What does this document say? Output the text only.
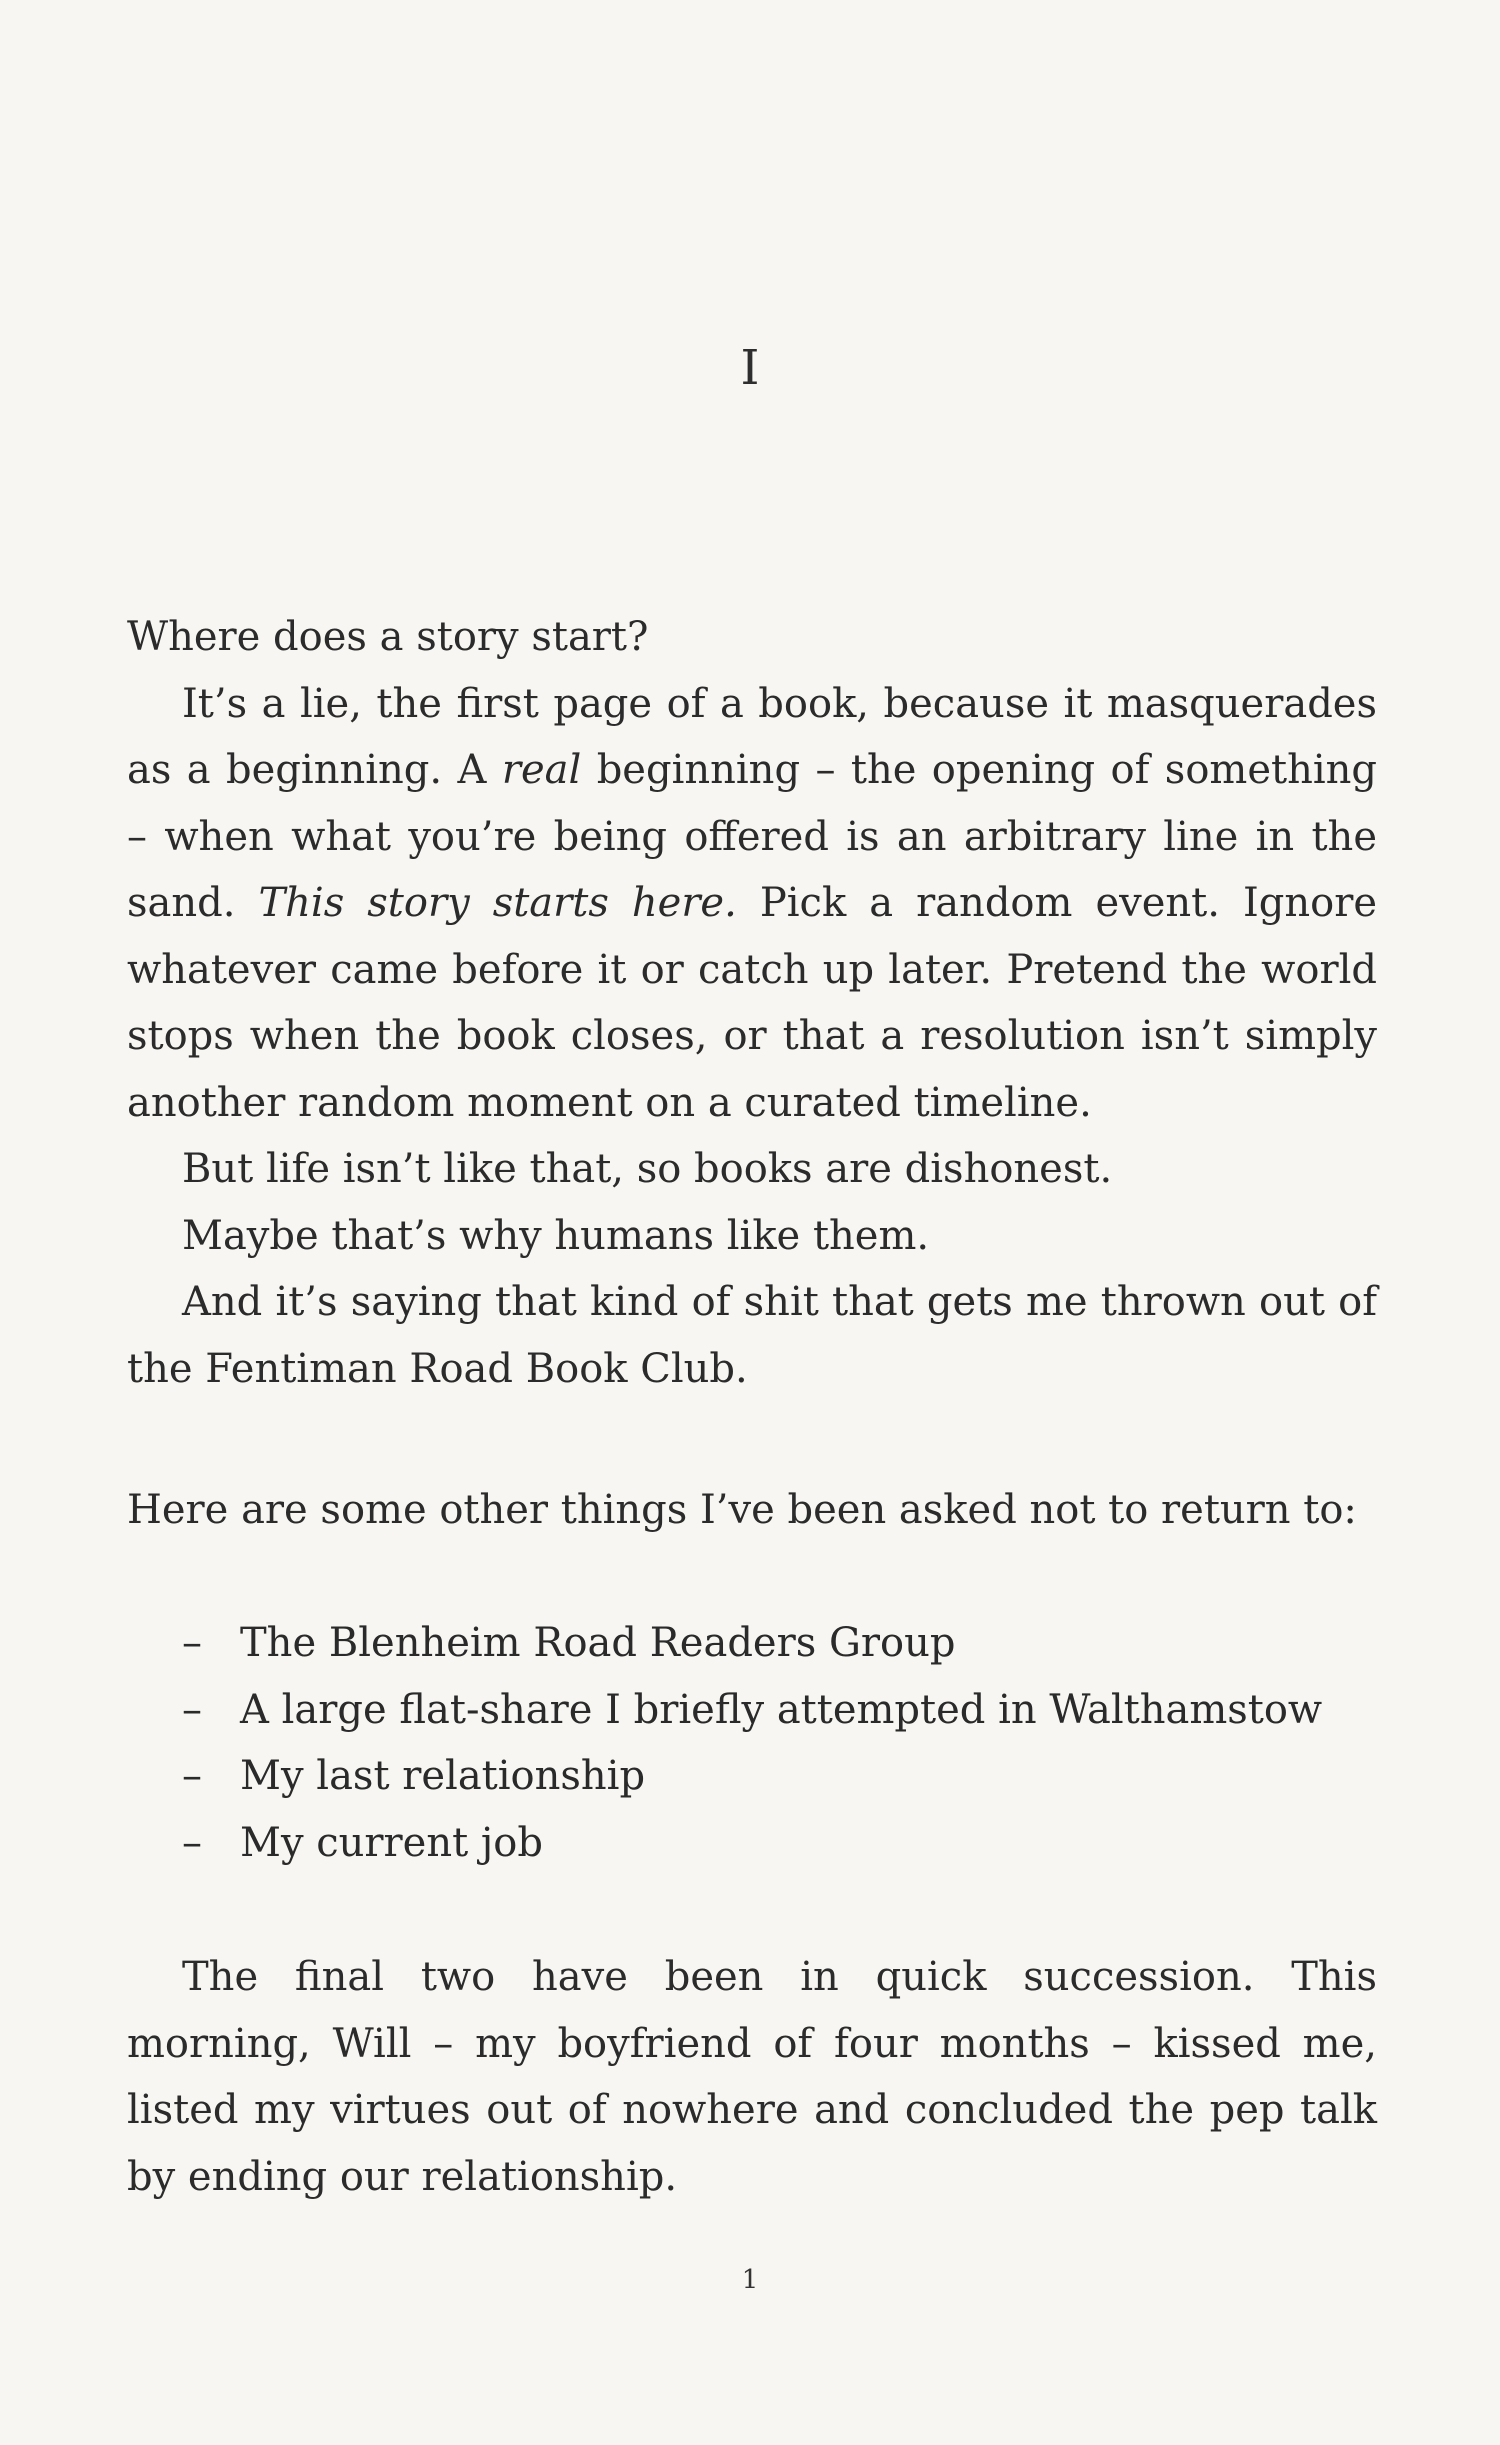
I

Where does a story start?

It’s a lie, the first page of a book, because it masquerades as a beginning. A real beginning – the opening of something – when what you’re being offered is an arbitrary line in the sand. This story starts here. Pick a random event. Ignore whatever came before it or catch up later. Pretend the world stops when the book closes, or that a resolution isn’t simply another random moment on a curated timeline.

But life isn’t like that, so books are dishonest.

Maybe that’s why humans like them.

And it’s saying that kind of shit that gets me thrown out of the Fentiman Road Book Club.

Here are some other things I’ve been asked not to return to:

– The Blenheim Road Readers Group
– A large flat-share I briefly attempted in Walthamstow
– My last relationship
– My current job

The final two have been in quick succession. This morning, Will – my boyfriend of four months – kissed me, listed my virtues out of nowhere and concluded the pep talk by ending our relationship.

1
